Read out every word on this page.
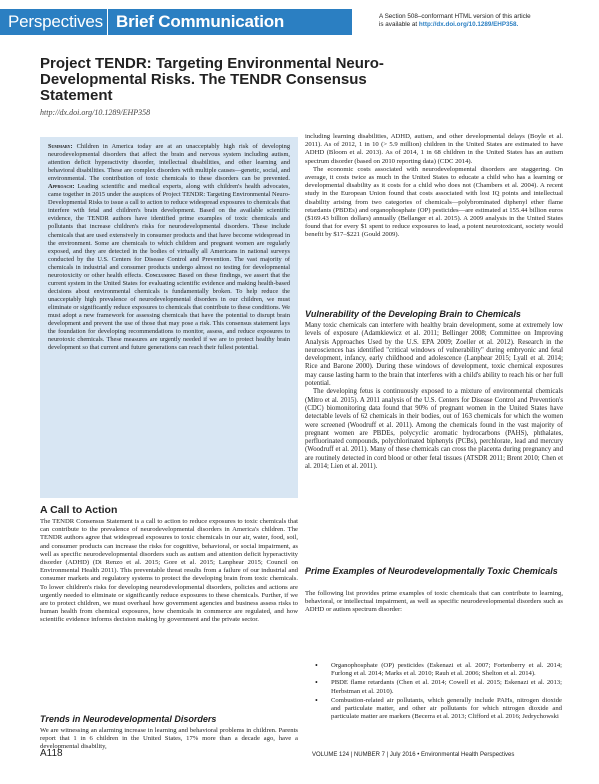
Perspectives Brief Communication	A Section 508–conformant HTML version of this article
is available at http://dx.doi.org/10.1289/EHP358.
Project TENDR: Targeting Environmental Neuro-Developmental Risks. The TENDR Consensus Statement
http://dx.doi.org/10.1289/EHP358
Summary: Children in America today are at an unacceptably high risk of developing neurodevelopmental disorders that affect the brain and nervous system including autism, attention deficit hyperactivity disorder, intellectual disabilities, and other learning and behavioral disabilities. These are complex disorders with multiple causes—genetic, social, and environmental. The contribution of toxic chemicals to these disorders can be prevented. Approach: Leading scientific and medical experts, along with children's health advocates, came together in 2015 under the auspices of Project TENDR: Targeting Environmental Neuro-Developmental Risks to issue a call to action to reduce widespread exposures to chemicals that interfere with fetal and children's brain development. Based on the available scientific evidence, the TENDR authors have identified prime examples of toxic chemicals and pollutants that increase children's risks for neurodevelopmental disorders. These include chemicals that are used extensively in consumer products and that have become widespread in the environment. Some are chemicals to which children and pregnant women are regularly exposed, and they are detected in the bodies of virtually all Americans in national surveys conducted by the U.S. Centers for Disease Control and Prevention. The vast majority of chemicals in industrial and consumer products undergo almost no testing for developmental neurotoxicity or other health effects. Conclusion: Based on these findings, we assert that the current system in the United States for evaluating scientific evidence and making health-based decisions about environmental chemicals is fundamentally broken. To help reduce the unacceptably high prevalence of neurodevelopmental disorders in our children, we must eliminate or significantly reduce exposures to chemicals that contribute to these conditions. We must adopt a new framework for assessing chemicals that have the potential to disrupt brain development and prevent the use of those that may pose a risk. This consensus statement lays the foundation for developing recommendations to monitor, assess, and reduce exposures to neurotoxic chemicals. These measures are urgently needed if we are to protect healthy brain development so that current and future generations can reach their fullest potential.
A Call to Action

The TENDR Consensus Statement is a call to action to reduce exposures to toxic chemicals that can contribute to the prevalence of neurodevelopmental disorders in America's children. The TENDR authors agree that widespread exposures to toxic chemicals in our air, water, food, soil, and consumer products can increase the risks for cognitive, behavioral, or social impairment, as well as specific neurodevelopmental disorders such as autism and attention deficit hyperactivity disorder (ADHD) (Di Renzo et al. 2015; Gore et al. 2015; Lanphear 2015; Council on Environmental Health 2011). This preventable threat results from a failure of our industrial and consumer markets and regulatory systems to protect the developing brain from toxic chemicals. To lower children's risks for developing neurodevelopmental disorders, policies and actions are urgently needed to eliminate or significantly reduce exposures to these chemicals. Further, if we are to protect children, we must overhaul how government agencies and business assess risks to human health from chemical exposures, how chemicals in commerce are regulated, and how scientific evidence informs decision making by government and the private sector.

Trends in Neurodevelopmental Disorders

We are witnessing an alarming increase in learning and behavioral problems in children. Parents report that 1 in 6 children in the United States, 17% more than a decade ago, have a developmental disability,

including learning disabilities, ADHD, autism, and other developmental delays (Boyle et al. 2011). As of 2012, 1 in 10 (> 5.9 million) children in the United States are estimated to have ADHD (Bloom et al. 2013). As of 2014, 1 in 68 children in the United States has an autism spectrum disorder (based on 2010 reporting data) (CDC 2014).

The economic costs associated with neurodevelopmental disorders are staggering. On average, it costs twice as much in the United States to educate a child who has a learning or developmental disability as it costs for a child who does not (Chambers et al. 2004). A recent study in the European Union found that costs associated with lost IQ points and intellectual disability arising from two categories of chemicals—polybrominated diphenyl ether flame retardants (PBDEs) and organophosphate (OP) pesticides—are estimated at 155.44 billion euros ($169.43 billion dollars) annually (Bellanger et al. 2015). A 2009 analysis in the United States found that for every $1 spent to reduce exposures to lead, a potent neurotoxicant, society would benefit by $17–$221 (Gould 2009).

Vulnerability of the Developing Brain to Chemicals

Many toxic chemicals can interfere with healthy brain development, some at extremely low levels of exposure (Adamkiewicz et al. 2011; Bellinger 2008; Committee on Improving Analysis Approaches Used by the U.S. EPA 2009; Zoeller et al. 2012). Research in the neurosciences has identified "critical windows of vulnerability" during embryonic and fetal development, infancy, early childhood and adolescence (Lanphear 2015; Lyall et al. 2014; Rice and Barone 2000). During these windows of development, toxic chemical exposures may cause lasting harm to the brain that interferes with a child's ability to reach his or her full potential.

The developing fetus is continuously exposed to a mixture of environmental chemicals (Mitro et al. 2015). A 2011 analysis of the U.S. Centers for Disease Control and Prevention's (CDC) biomonitoring data found that 90% of pregnant women in the United States have detectable levels of 62 chemicals in their bodies, out of 163 chemicals for which the women were screened (Woodruff et al. 2011). Among the chemicals found in the vast majority of pregnant women are PBDEs, polycyclic aromatic hydrocarbons (PAHS), phthalates, perfluorinated compounds, polychlorinated biphenyls (PCBs), perchlorate, lead and mercury (Woodruff et al. 2011). Many of these chemicals can cross the placenta during pregnancy and are routinely detected in cord blood or other fetal tissues (ATSDR 2011; Brent 2010; Chen et al. 2014; Lien et al. 2011).

Prime Examples of Neurodevelopmentally Toxic Chemicals

The following list provides prime examples of toxic chemicals that can contribute to learning, behavioral, or intellectual impairment, as well as specific neurodevelopmental disorders such as ADHD or autism spectrum disorder:

• Organophosphate (OP) pesticides (Eskenazi et al. 2007; Fortenberry et al. 2014; Furlong et al. 2014; Marks et al. 2010; Rauh et al. 2006; Shelton et al. 2014).
• PBDE flame retardants (Chen et al. 2014; Cowell et al. 2015; Eskenazi et al. 2013; Herbstman et al. 2010).
• Combustion-related air pollutants, which generally include PAHs, nitrogen dioxide and particulate matter, and other air pollutants for which nitrogen dioxide and particulate matter are markers (Becerra et al. 2013; Clifford et al. 2016; Jedrychowski
A118	VOLUME 124 | NUMBER 7 | July 2016 • Environmental Health Perspectives
